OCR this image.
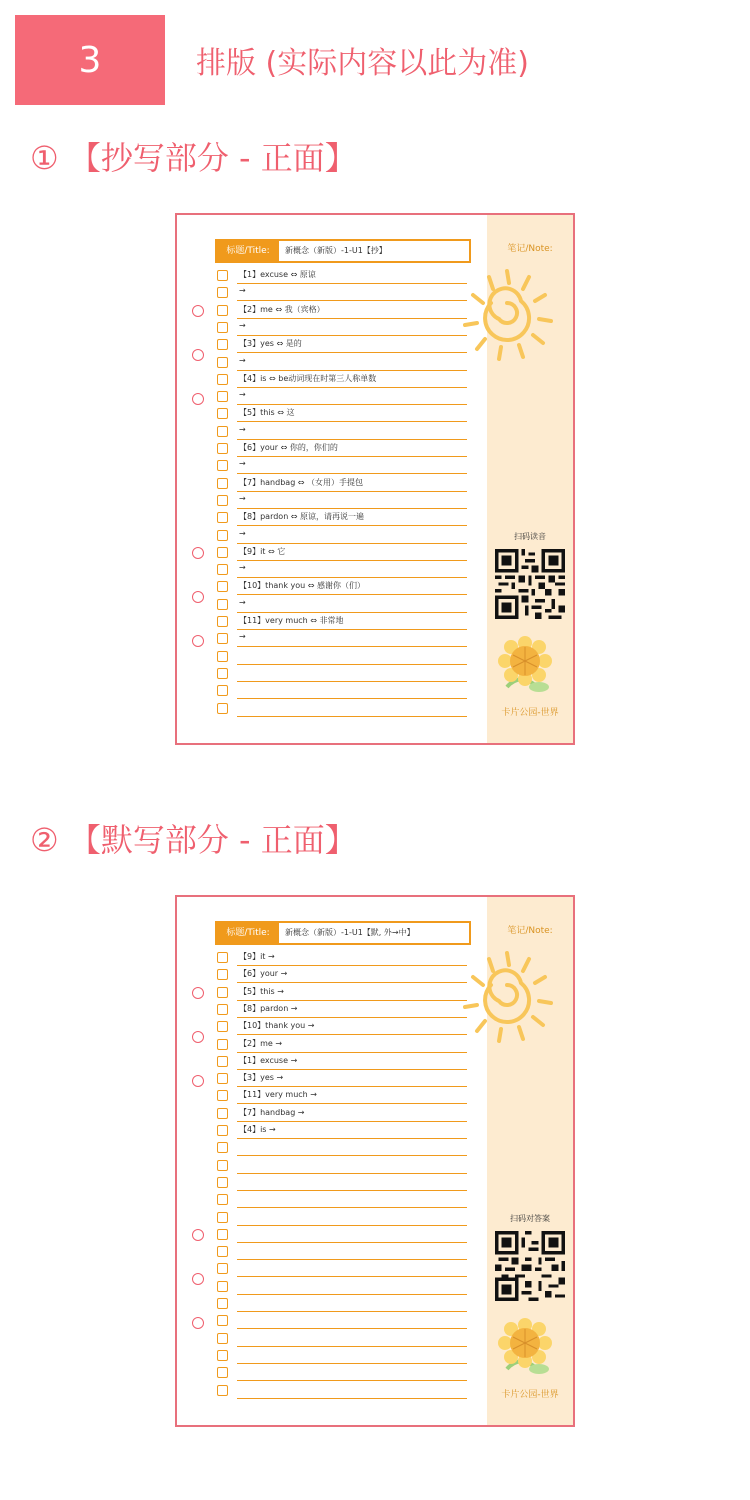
3	排版 (实际内容以此为准)
① 【抄写部分 - 正面】
标题/Title:	新概念（新版）-1-U1【抄】
【1】excuse ⇔ 原谅
→
【2】me ⇔ 我（宾格）
→
【3】yes ⇔ 是的
→
【4】is ⇔ be动词现在时第三人称单数
→
【5】this ⇔ 这
→
【6】your ⇔ 你的，你们的
→
【7】handbag ⇔ （女用）手提包
→
【8】pardon ⇔ 原谅，请再说一遍
→
【9】it ⇔ 它
→
【10】thank you ⇔ 感谢你（们）
→
【11】very much ⇔ 非常地
→
笔记/Note:
扫码读音
卡片公园-世界
② 【默写部分 - 正面】
标题/Title:	新概念（新版）-1-U1【默, 外→中】
【9】it →
【6】your →
【5】this →
【8】pardon →
【10】thank you →
【2】me →
【1】excuse →
【3】yes →
【11】very much →
【7】handbag →
【4】is →
笔记/Note:
扫码对答案
卡片公园-世界
